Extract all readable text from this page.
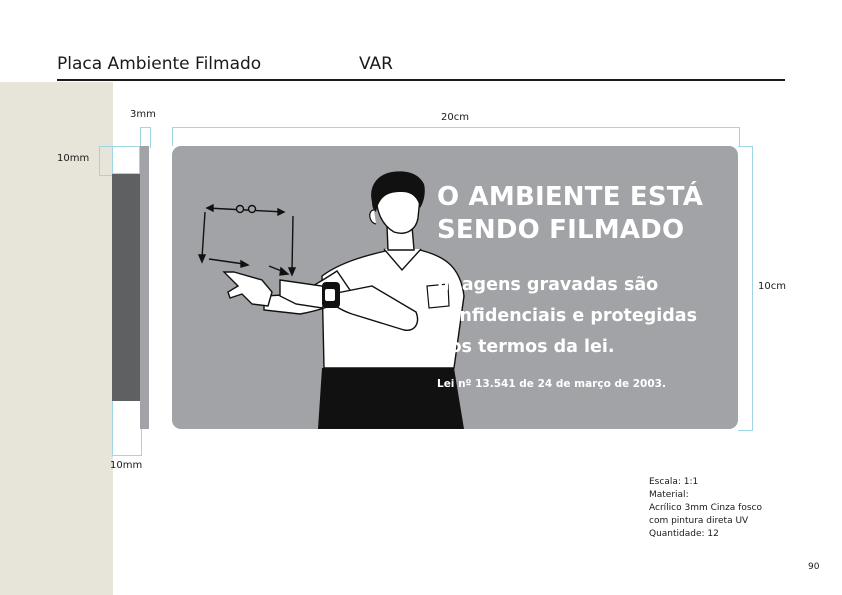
Placa Ambiente Filmado	VAR
3mm	20cm
10mm
10cm
10mm
O AMBIENTE ESTÁ
SENDO FILMADO
Imagens gravadas são
confidenciais e protegidas
nos termos da lei.
Lei nº 13.541 de 24 de março de 2003.
Escala: 1:1
Material:
Acrílico 3mm Cinza fosco
com pintura direta UV
Quantidade: 12
90
